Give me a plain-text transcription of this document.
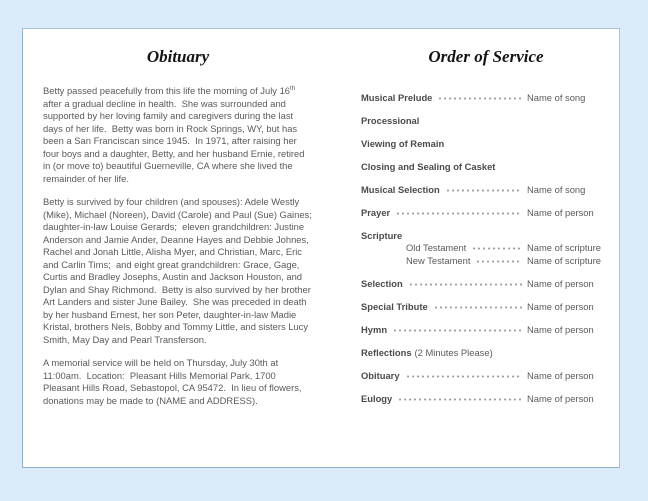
Obituary

Betty passed peacefully from this life the morning of July 16th after a gradual decline in health.  She was surrounded and supported by her loving family and caregivers during the last days of her life.  Betty was born in Rock Springs, WY, but has been a San Franciscan since 1945.  In 1971, after raising her four boys and a daughter, Betty, and her husband Ernie, retired in (or move to) beautiful Guerneville, CA where she lived the remainder of her life.

Betty is survived by four children (and spouses): Adele Westly (Mike), Michael (Noreen), David (Carole) and Paul (Sue) Gaines;  daughter-in-law Louise Gerards;  eleven grandchildren: Justine Anderson and Jamie Ander, Deanne Hayes and Debbie Johnes, Rachel and Jonah Little, Alisha Myer, and Christian, Marc, Eric and Carlin Tims;  and eight great grandchildren: Grace, Gage, Curtis and Bradley Josephs, Austin and Jackson Houston, and Dylan and Shay Richmond.  Betty is also survived by her brother Art Landers and sister June Bailey.  She was preceded in death by her husband Ernest, her son Peter, daughter-in-law Madie Kristal, brothers Nels, Bobby and Tommy Little, and sisters Lucy Smith, May Day and Pearl Transferson.

A memorial service will be held on Thursday, July 30th at 11:00am.  Location:  Pleasant Hills Memorial Park, 1700 Pleasant Hills Road, Sebastopol, CA 95472.  In lieu of flowers, donations may be made to (NAME and ADDRESS).

Order of Service
Musical Prelude	Name of song
Processional
Viewing of Remain
Closing and Sealing of Casket
Musical Selection	Name of song
Prayer	Name of person
Scripture
Old Testament	Name of scripture
New Testament	Name of scripture
Selection	Name of person
Special Tribute	Name of person
Hymn	Name of person
Reflections (2 Minutes Please)
Obituary	Name of person
Eulogy	Name of person
